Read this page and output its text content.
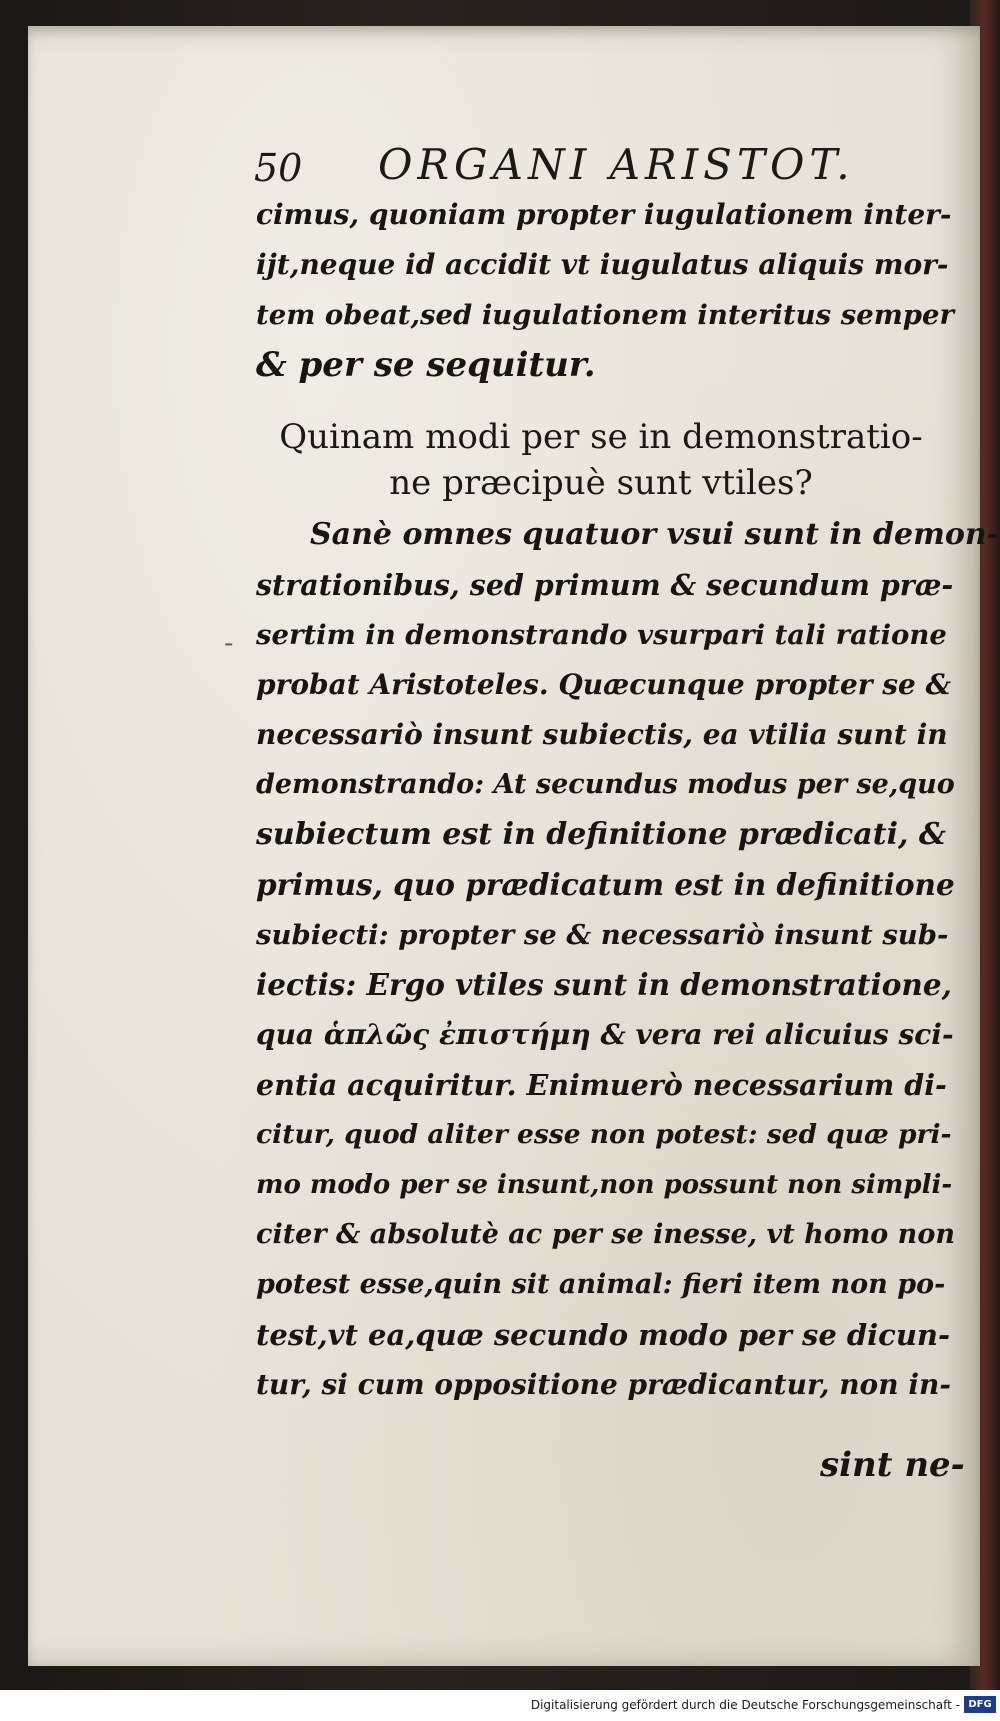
50 ORGANI ARISTOT.
cimus, quoniam propter iugulationem inter-
ijt,neque id accidit vt iugulatus aliquis mor-
tem obeat,sed iugulationem interitus semper
& per se sequitur.
Quinam modi per se in demonstratio-
ne præcipuè sunt vtiles?
-
Sanè omnes quatuor vsui sunt in demon-
strationibus, sed primum & secundum præ-
sertim in demonstrando vsurpari tali ratione
probat Aristoteles. Quæcunque propter se &
necessariò insunt subiectis, ea vtilia sunt in
demonstrando: At secundus modus per se,quo
subiectum est in definitione prædicati, &
primus, quo prædicatum est in definitione
subiecti: propter se & necessariò insunt sub-
iectis: Ergo vtiles sunt in demonstratione,
qua ἁπλῶς ἐπιστήμη & vera rei alicuius sci-
entia acquiritur. Enimuerò necessarium di-
citur, quod aliter esse non potest: sed quæ pri-
mo modo per se insunt,non possunt non simpli-
citer & absolutè ac per se inesse, vt homo non
potest esse,quin sit animal: fieri item non po-
test,vt ea,quæ secundo modo per se dicun-
tur, si cum oppositione prædicantur, non in-
sint ne-
Digitalisierung gefördert durch die Deutsche Forschungsgemeinschaft - DFG
